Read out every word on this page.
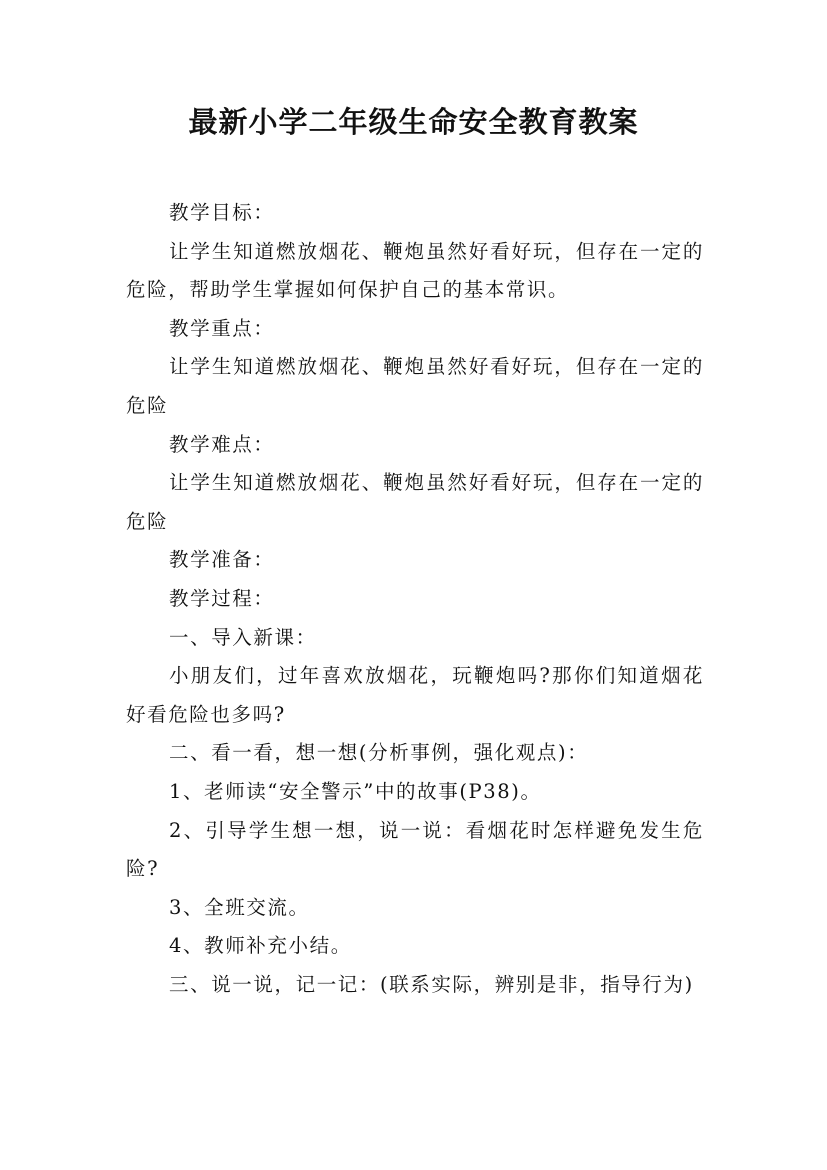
最新小学二年级生命安全教育教案

教学目标：

让学生知道燃放烟花、鞭炮虽然好看好玩，但存在一定的危险，帮助学生掌握如何保护自己的基本常识。

教学重点：

让学生知道燃放烟花、鞭炮虽然好看好玩，但存在一定的危险

教学难点：

让学生知道燃放烟花、鞭炮虽然好看好玩，但存在一定的危险

教学准备：

教学过程：

一、导入新课：

小朋友们，过年喜欢放烟花，玩鞭炮吗?那你们知道烟花好看危险也多吗?

二、看一看，想一想(分析事例，强化观点)：

1、老师读“安全警示”中的故事(P38)。

2、引导学生想一想，说一说：看烟花时怎样避免发生危险?

3、全班交流。

4、教师补充小结。

三、说一说，记一记：(联系实际，辨别是非，指导行为)
